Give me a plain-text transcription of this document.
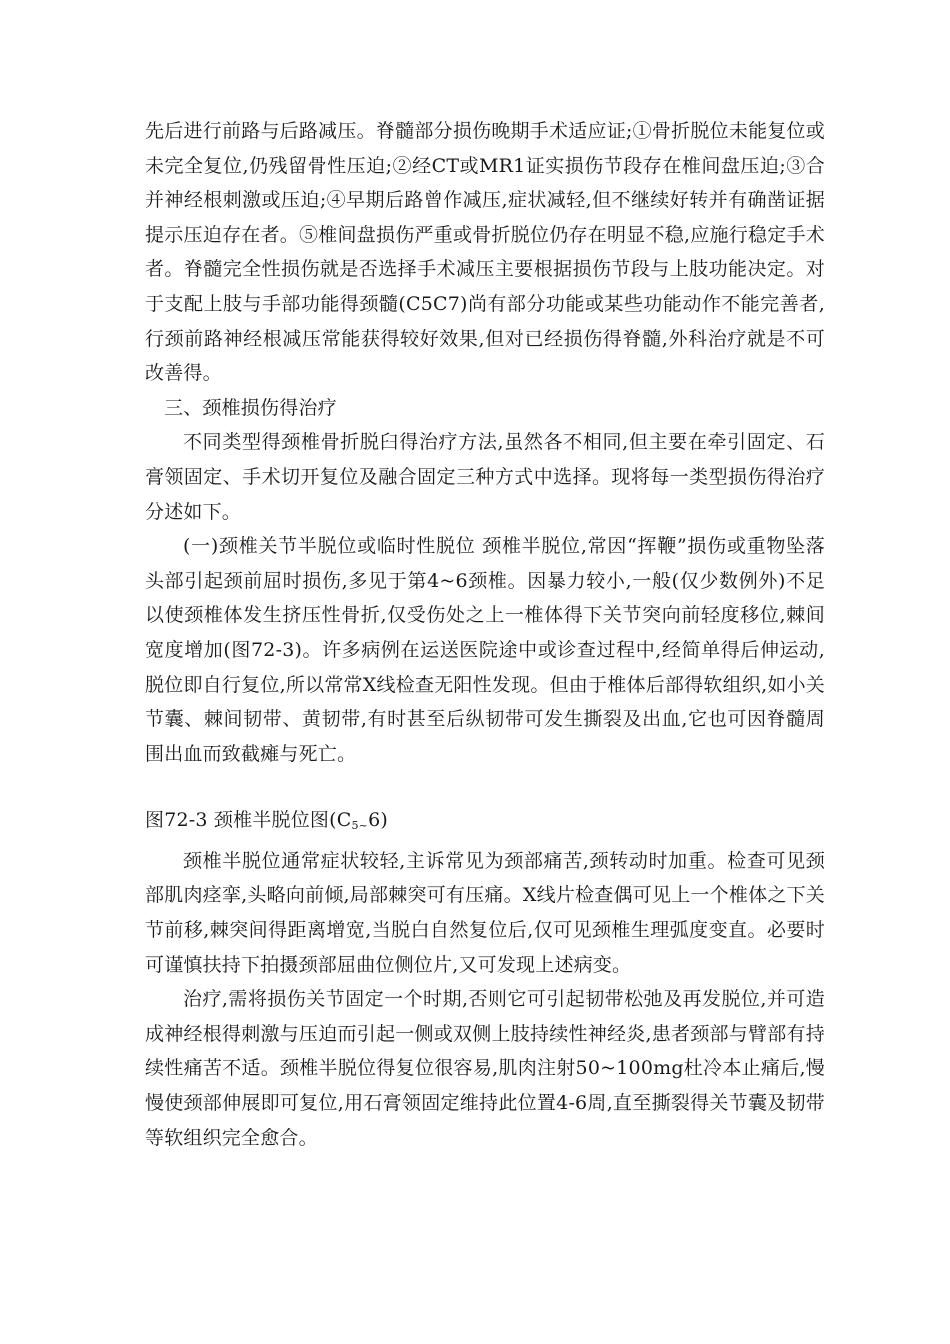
先后进行前路与后路减压。脊髓部分损伤晚期手术适应证;①骨折脱位未能复位或未完全复位,仍残留骨性压迫;②经CT或MR1证实损伤节段存在椎间盘压迫;③合并神经根刺激或压迫;④早期后路曾作减压,症状减轻,但不继续好转并有确凿证据提示压迫存在者。⑤椎间盘损伤严重或骨折脱位仍存在明显不稳,应施行稳定手术者。脊髓完全性损伤就是否选择手术减压主要根据损伤节段与上肢功能决定。对于支配上肢与手部功能得颈髓(C5C7)尚有部分功能或某些功能动作不能完善者,行颈前路神经根减压常能获得较好效果,但对已经损伤得脊髓,外科治疗就是不可改善得。

三、颈椎损伤得治疗

不同类型得颈椎骨折脱臼得治疗方法,虽然各不相同,但主要在牵引固定、石膏领固定、手术切开复位及融合固定三种方式中选择。现将每一类型损伤得治疗分述如下。

(一)颈椎关节半脱位或临时性脱位 颈椎半脱位,常因“挥鞭”损伤或重物坠落头部引起颈前屈时损伤,多见于第4~6颈椎。因暴力较小,一般(仅少数例外)不足以使颈椎体发生挤压性骨折,仅受伤处之上一椎体得下关节突向前轻度移位,棘间宽度增加(图72-3)。许多病例在运送医院途中或诊查过程中,经简单得后伸运动,脱位即自行复位,所以常常X线检查无阳性发现。但由于椎体后部得软组织,如小关节囊、棘间韧带、黄韧带,有时甚至后纵韧带可发生撕裂及出血,它也可因脊髓周围出血而致截瘫与死亡。

图72-3 颈椎半脱位图$(C_{5\sim}6)$

颈椎半脱位通常症状较轻,主诉常见为颈部痛苦,颈转动时加重。检查可见颈部肌肉痉挛,头略向前倾,局部棘突可有压痛。X线片检查偶可见上一个椎体之下关节前移,棘突间得距离增宽,当脱白自然复位后,仅可见颈椎生理弧度变直。必要时可谨慎扶持下拍摄颈部屈曲位侧位片,又可发现上述病变。

治疗,需将损伤关节固定一个时期,否则它可引起韧带松弛及再发脱位,并可造成神经根得刺激与压迫而引起一侧或双侧上肢持续性神经炎,患者颈部与臂部有持续性痛苦不适。颈椎半脱位得复位很容易,肌肉注射50~100mg杜冷本止痛后,慢慢使颈部伸展即可复位,用石膏领固定维持此位置4-6周,直至撕裂得关节囊及韧带等软组织完全愈合。
